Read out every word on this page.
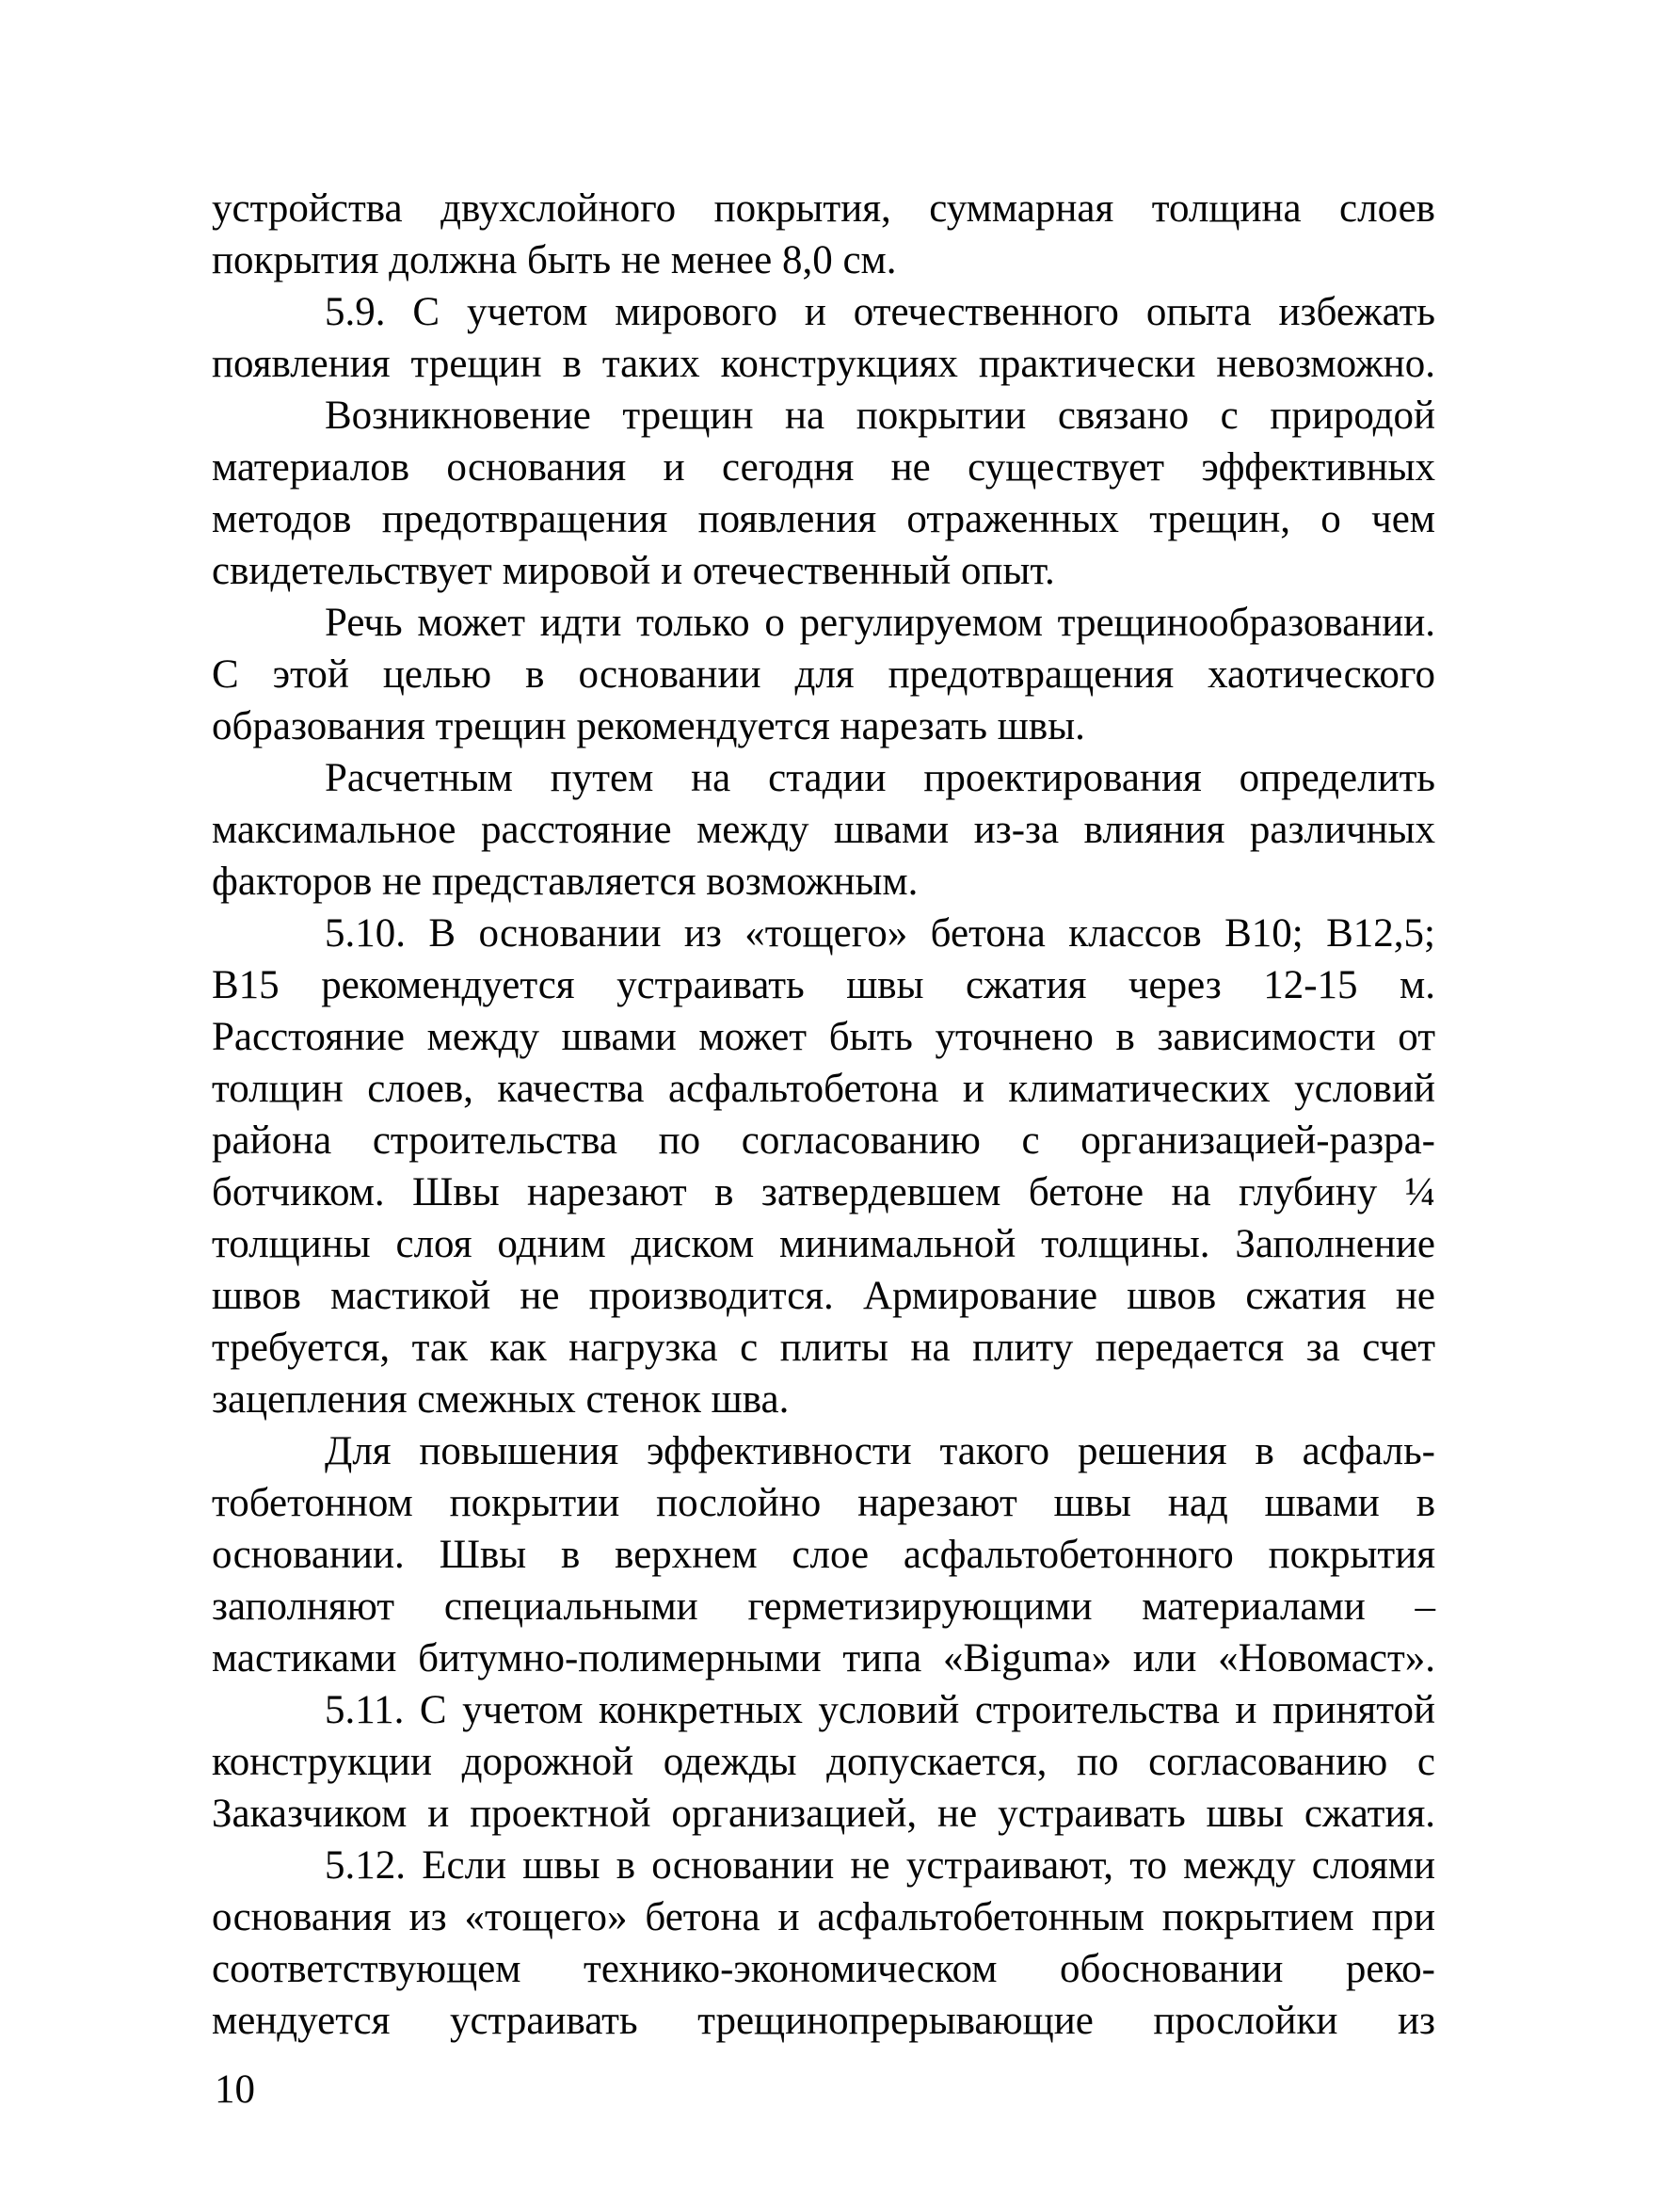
устройства двухслойного покрытия, суммарная толщина слоев
покрытия должна быть не менее 8,0 см.
5.9. С учетом мирового и отечественного опыта избежать
появления трещин в таких конструкциях практически невозможно.
Возникновение трещин на покрытии связано с природой
материалов основания и сегодня не существует эффективных
методов предотвращения появления отраженных трещин, о чем
свидетельствует мировой и отечественный опыт.
Речь может идти только о регулируемом трещинообразовании.
С этой целью в основании для предотвращения хаотического
образования трещин рекомендуется нарезать швы.
Расчетным путем на стадии проектирования определить
максимальное расстояние между швами из-за влияния различных
факторов не представляется возможным.
5.10. В основании из «тощего» бетона классов В10; В12,5;
В15 рекомендуется устраивать швы сжатия через 12-15 м.
Расстояние между швами может быть уточнено в зависимости от
толщин слоев, качества асфальтобетона и климатических условий
района строительства по согласованию с организацией-разра-
ботчиком. Швы нарезают в затвердевшем бетоне на глубину ¼
толщины слоя одним диском минимальной толщины. Заполнение
швов мастикой не производится. Армирование швов сжатия не
требуется, так как нагрузка с плиты на плиту передается за счет
зацепления смежных стенок шва.
Для повышения эффективности такого решения в асфаль-
тобетонном покрытии послойно нарезают швы над швами в
основании. Швы в верхнем слое асфальтобетонного покрытия
заполняют специальными герметизирующими материалами –
мастиками битумно-полимерными типа «Biguma» или «Новомаст».
5.11. С учетом конкретных условий строительства и принятой
конструкции дорожной одежды допускается, по согласованию с
Заказчиком и проектной организацией, не устраивать швы сжатия.
5.12. Если швы в основании не устраивают, то между слоями
основания из «тощего» бетона и асфальтобетонным покрытием при
соответствующем технико-экономическом обосновании реко-
мендуется устраивать трещинопрерывающие прослойки из
10
